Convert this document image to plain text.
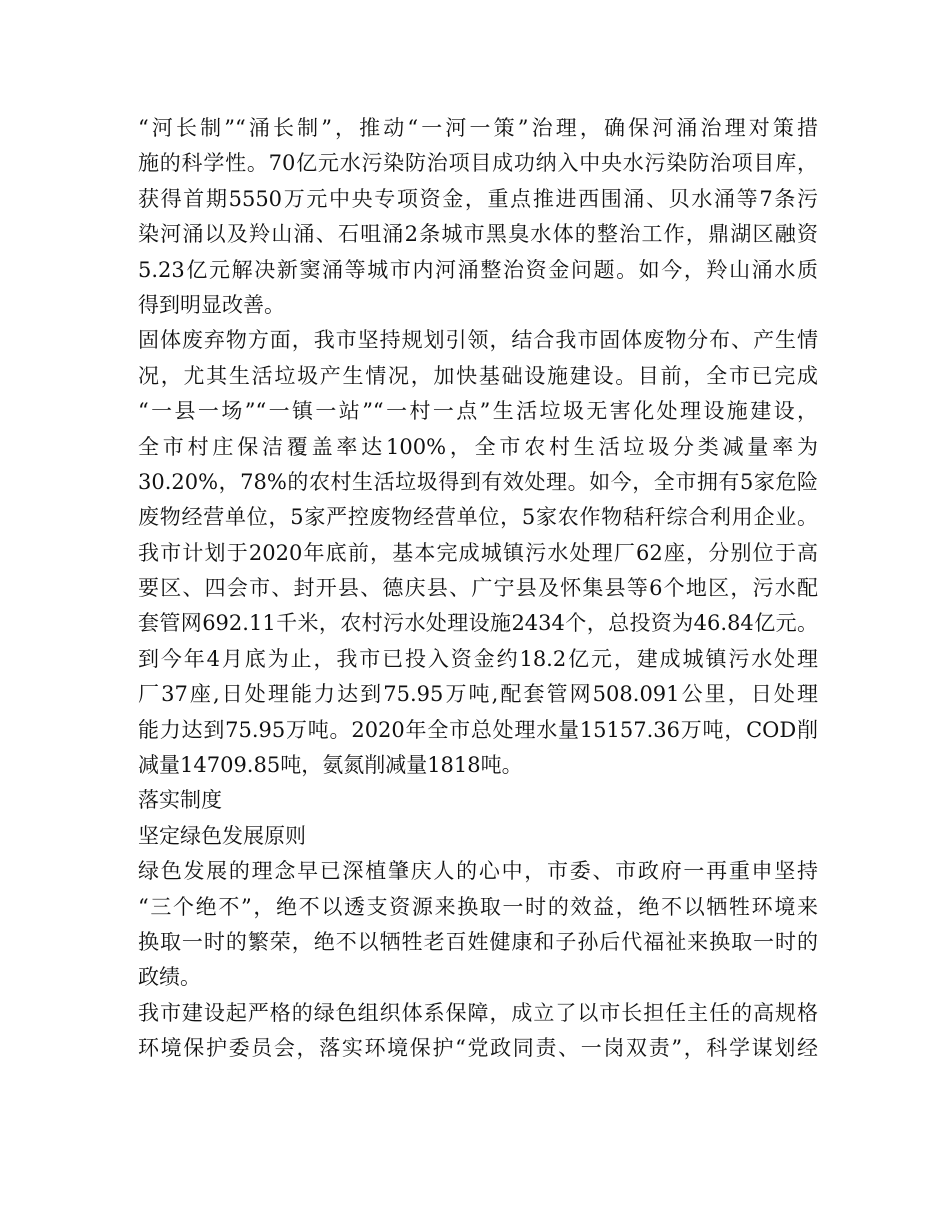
“河长制”“涌长制”，推动“一河一策”治理，确保河涌治理对策措
施的科学性。70亿元水污染防治项目成功纳入中央水污染防治项目库，
获得首期5550万元中央专项资金，重点推进西围涌、贝水涌等7条污
染河涌以及羚山涌、石咀涌2条城市黑臭水体的整治工作，鼎湖区融资
5.23亿元解决新窦涌等城市内河涌整治资金问题。如今，羚山涌水质
得到明显改善。
固体废弃物方面，我市坚持规划引领，结合我市固体废物分布、产生情
况，尤其生活垃圾产生情况，加快基础设施建设。目前，全市已完成
“一县一场”“一镇一站”“一村一点”生活垃圾无害化处理设施建设，
全市村庄保洁覆盖率达100%，全市农村生活垃圾分类减量率为
30.20%，78%的农村生活垃圾得到有效处理。如今，全市拥有5家危险
废物经营单位，5家严控废物经营单位，5家农作物秸秆综合利用企业。
我市计划于2020年底前，基本完成城镇污水处理厂62座，分别位于高
要区、四会市、封开县、德庆县、广宁县及怀集县等6个地区，污水配
套管网692.11千米，农村污水处理设施2434个，总投资为46.84亿元。
到今年4月底为止，我市已投入资金约18.2亿元，建成城镇污水处理
厂37座,日处理能力达到75.95万吨,配套管网508.091公里，日处理
能力达到75.95万吨。2020年全市总处理水量15157.36万吨，COD削
减量14709.85吨，氨氮削减量1818吨。
落实制度
坚定绿色发展原则
绿色发展的理念早已深植肇庆人的心中，市委、市政府一再重申坚持
“三个绝不”，绝不以透支资源来换取一时的效益，绝不以牺牲环境来
换取一时的繁荣，绝不以牺牲老百姓健康和子孙后代福祉来换取一时的
政绩。
我市建设起严格的绿色组织体系保障，成立了以市长担任主任的高规格
环境保护委员会，落实环境保护“党政同责、一岗双责”，科学谋划经
